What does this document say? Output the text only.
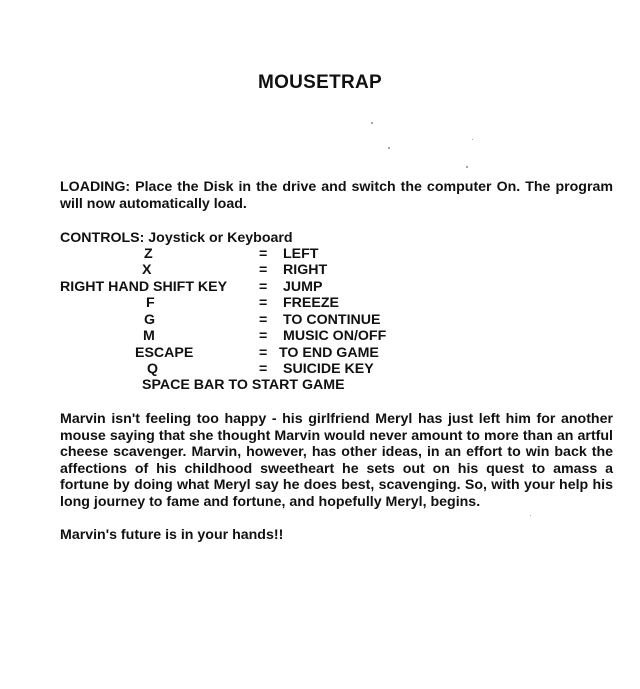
MOUSETRAP
LOADING: Place the Disk in the drive and switch the computer On. The program will now automatically load.
CONTROLS: Joystick or Keyboard
Z	= LEFT
X	= RIGHT
RIGHT HAND SHIFT KEY = JUMP
F	= FREEZE
G	= TO CONTINUE
M	= MUSIC ON/OFF
ESCAPE	= TO END GAME
Q	= SUICIDE KEY
SPACE BAR TO START GAME
Marvin isn't feeling too happy - his girlfriend Meryl has just left him for another mouse saying that she thought Marvin would never amount to more than an artful cheese scavenger. Marvin, however, has other ideas, in an effort to win back the affections of his childhood sweetheart he sets out on his quest to amass a fortune by doing what Meryl say he does best, scavenging. So, with your help his long journey to fame and fortune, and hopefully Meryl, begins.
Marvin's future is in your hands!!
